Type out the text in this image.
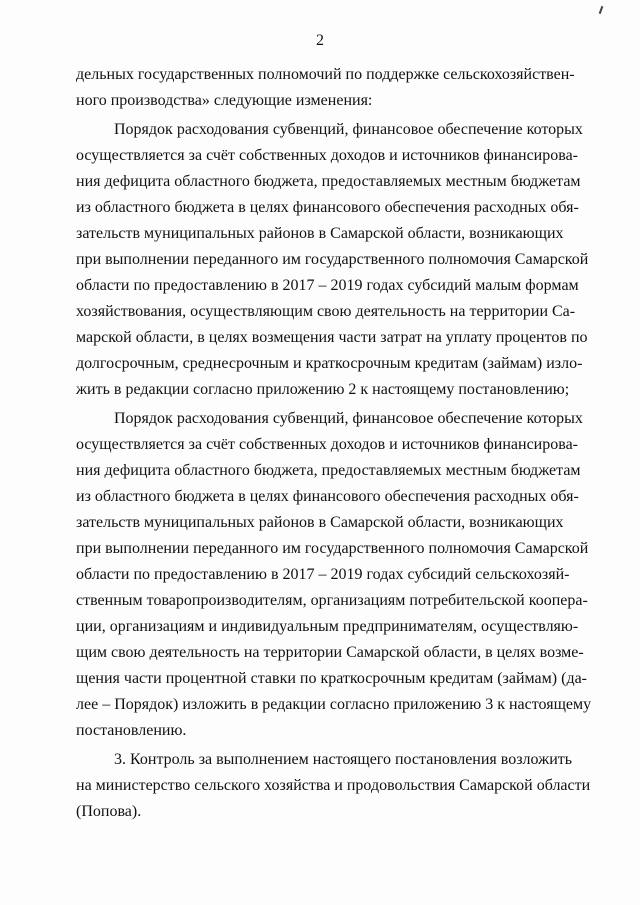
2
дельных государственных полномочий по поддержке сельскохозяйствен-
ного производства» следующие изменения:
Порядок расходования субвенций, финансовое обеспечение которых
осуществляется за счёт собственных доходов и источников финансирова-
ния дефицита областного бюджета, предоставляемых местным бюджетам
из областного бюджета в целях финансового обеспечения расходных обя-
зательств муниципальных районов в Самарской области, возникающих
при выполнении переданного им государственного полномочия Самарской
области по предоставлению в 2017 – 2019 годах субсидий малым формам
хозяйствования, осуществляющим свою деятельность на территории Са-
марской области, в целях возмещения части затрат на уплату процентов по
долгосрочным, среднесрочным и краткосрочным кредитам (займам) изло-
жить в редакции согласно приложению 2 к настоящему постановлению;
Порядок расходования субвенций, финансовое обеспечение которых
осуществляется за счёт собственных доходов и источников финансирова-
ния дефицита областного бюджета, предоставляемых местным бюджетам
из областного бюджета в целях финансового обеспечения расходных обя-
зательств муниципальных районов в Самарской области, возникающих
при выполнении переданного им государственного полномочия Самарской
области по предоставлению в 2017 – 2019 годах субсидий сельскохозяй-
ственным товаропроизводителям, организациям потребительской коопера-
ции, организациям и индивидуальным предпринимателям, осуществляю-
щим свою деятельность на территории Самарской области, в целях возме-
щения части процентной ставки по краткосрочным кредитам (займам) (да-
лее – Порядок) изложить в редакции согласно приложению 3 к настоящему
постановлению.
3. Контроль за выполнением настоящего постановления возложить
на министерство сельского хозяйства и продовольствия Самарской области
(Попова).
